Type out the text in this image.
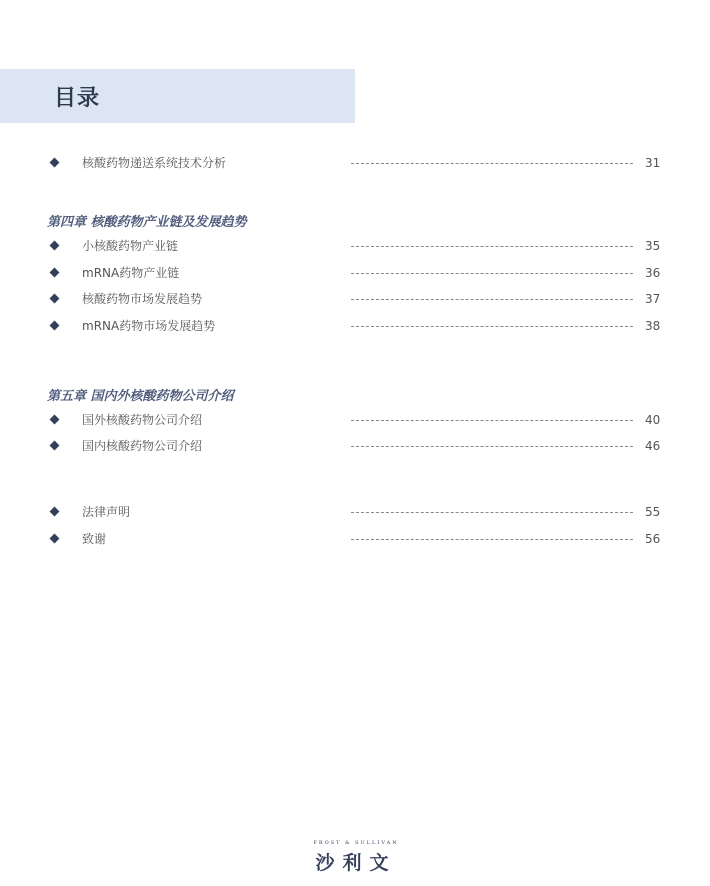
目录
核酸药物递送系统技术分析	31
第四章 核酸药物产业链及发展趋势
小核酸药物产业链	35
mRNA药物产业链	36
核酸药物市场发展趋势	37
mRNA药物市场发展趋势	38
第五章 国内外核酸药物公司介绍
国外核酸药物公司介绍	40
国内核酸药物公司介绍	46
法律声明	55
致谢	56
FROST & SULLIVAN
沙利文
